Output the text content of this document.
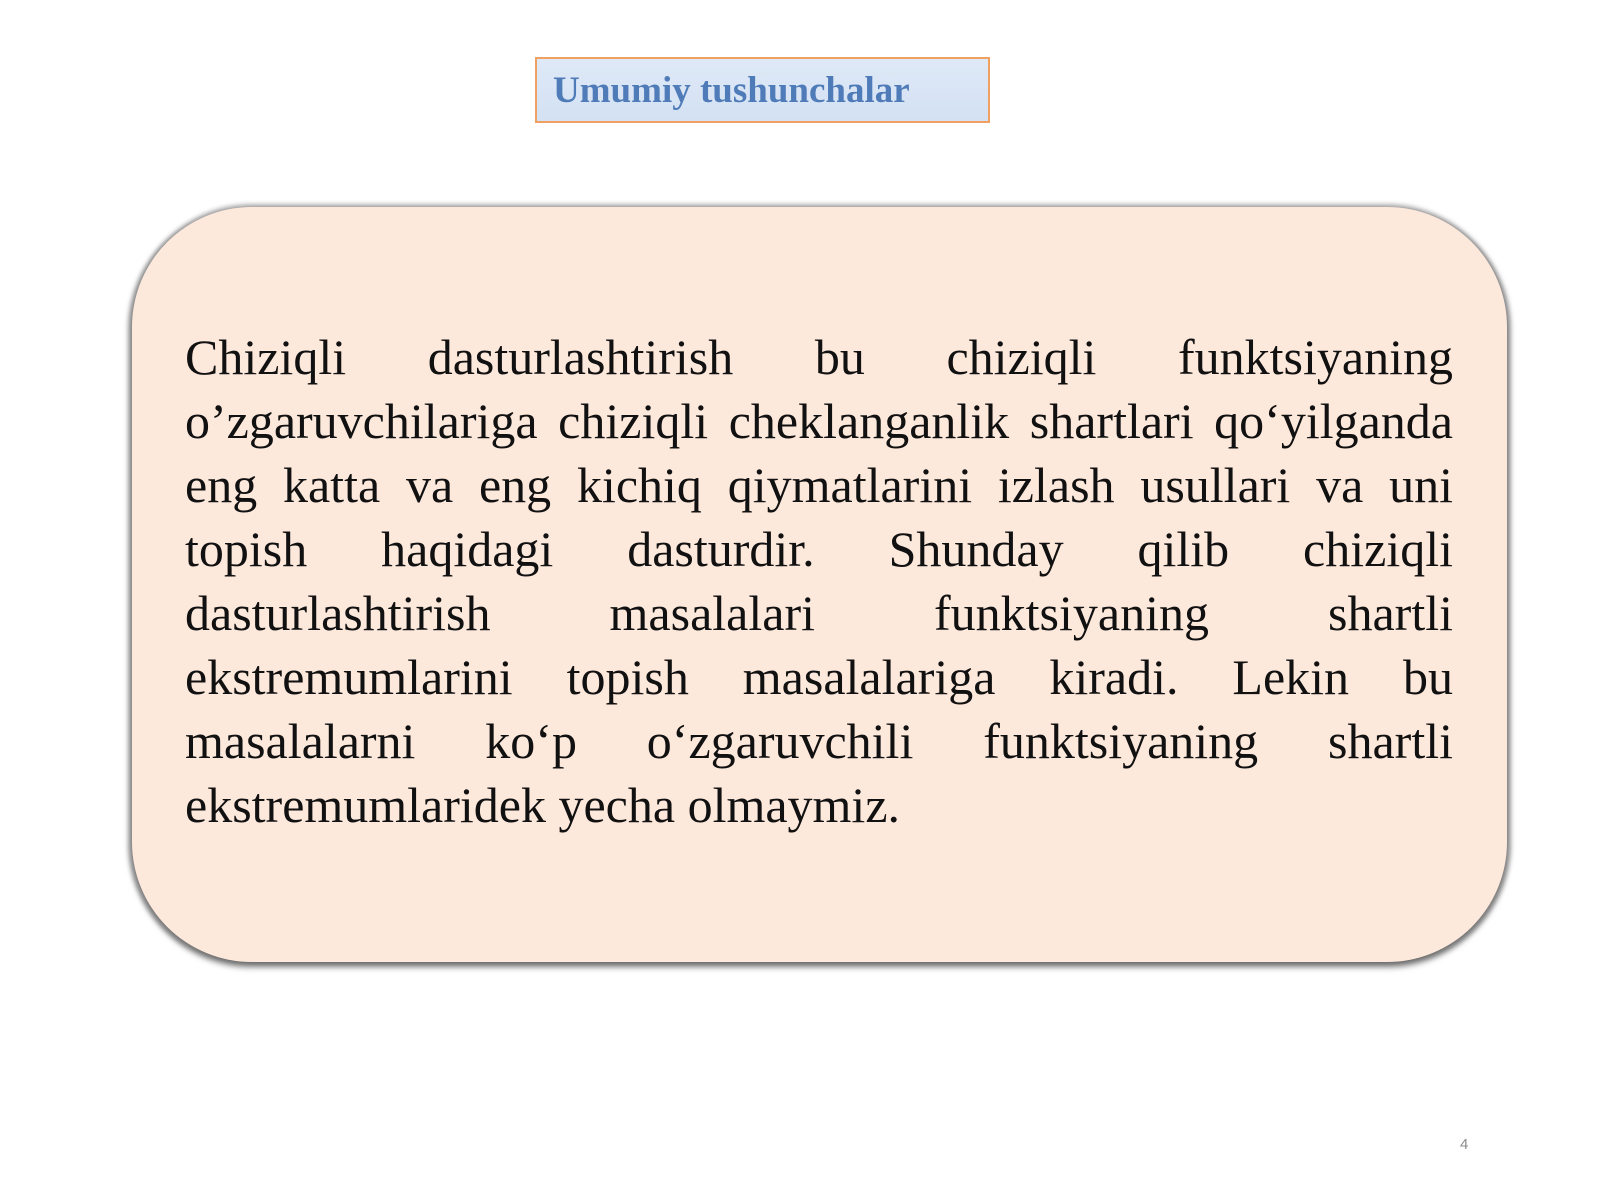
Umumiy tushunchalar

Chiziqli dasturlashtirish bu chiziqli funktsiyaning o’zgaruvchilariga chiziqli cheklanganlik shartlari qo‘yilganda eng katta va eng kichiq qiymatlarini izlash usullari va uni topish haqidagi dasturdir. Shunday qilib chiziqli dasturlashtirish masalalari funktsiyaning shartli ekstremumlarini topish masalalariga kiradi. Lekin bu masalalarni ko‘p o‘zgaruvchili funktsiyaning shartli ekstremumlaridek yecha olmaymiz.

4
